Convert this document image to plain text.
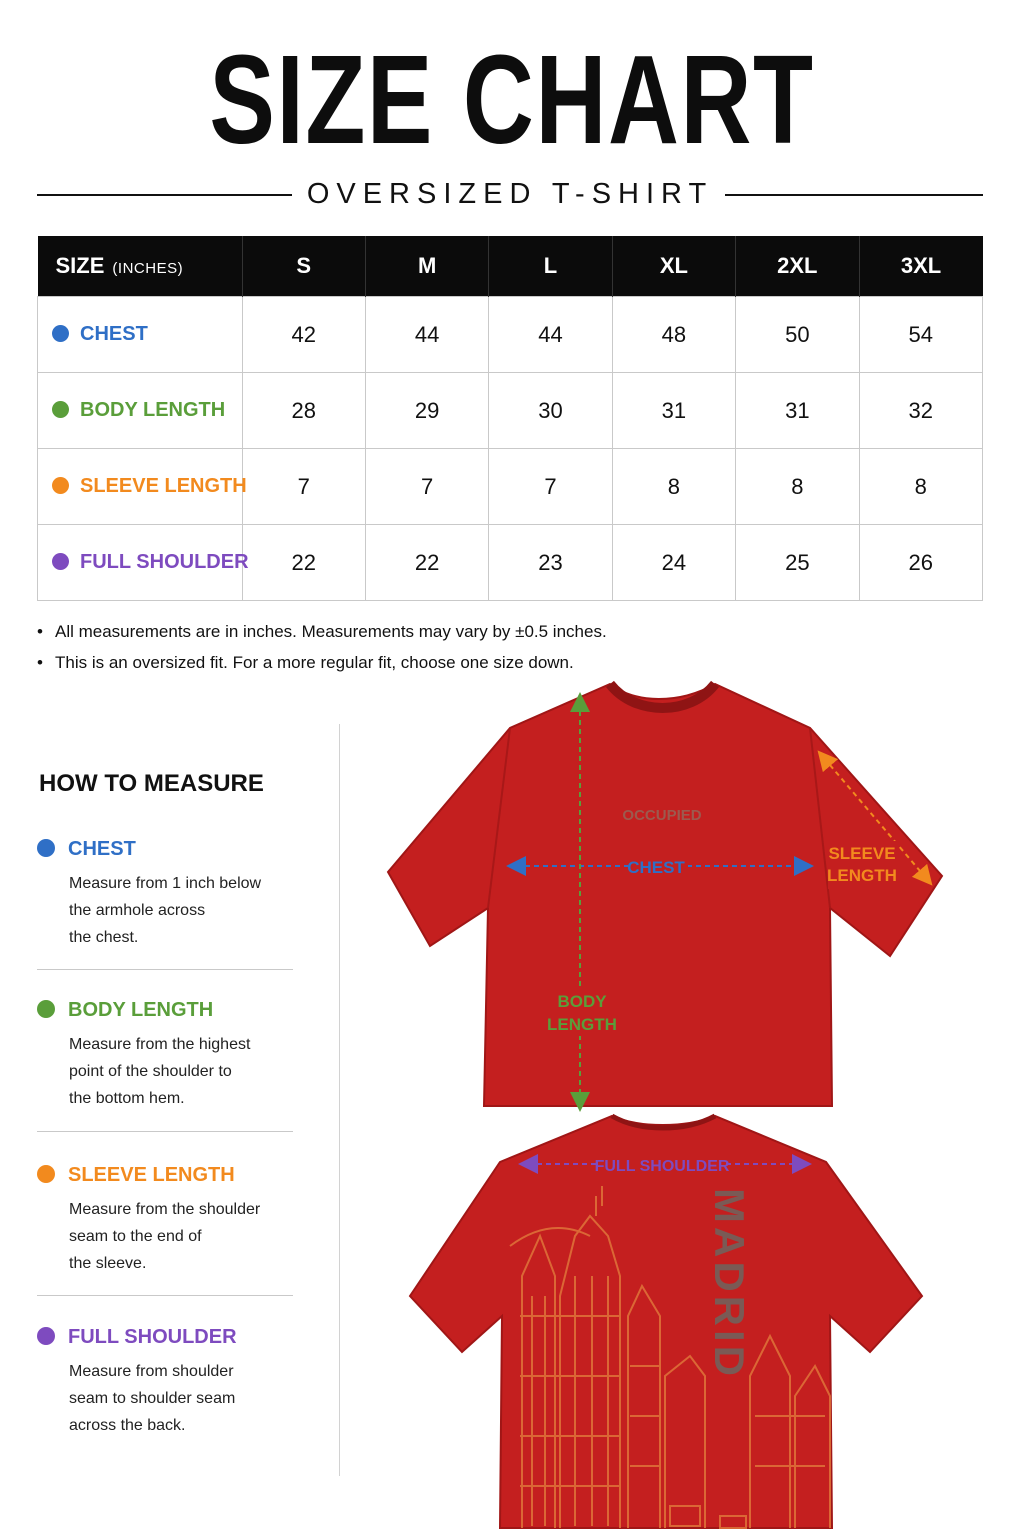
SIZE CHART
OVERSIZED T-SHIRT
SIZE (INCHES)	S	M	L	XL	2XL	3XL
CHEST	42	44	44	48	50	54
BODY LENGTH	28	29	30	31	31	32
SLEEVE LENGTH	7	7	7	8	8	8
FULL SHOULDER	22	22	23	24	25	26
• All measurements are in inches. Measurements may vary by ±0.5 inches.
• This is an oversized fit. For a more regular fit, choose one size down.
HOW TO MEASURE
CHEST
Measure from 1 inch below
the armhole across
the chest.
BODY LENGTH
Measure from the highest
point of the shoulder to
the bottom hem.
SLEEVE LENGTH
Measure from the shoulder
seam to the end of
the sleeve.
FULL SHOULDER
Measure from shoulder
seam to shoulder seam
across the back.
OCCUPIED
CHEST
BODY
LENGTH
SLEEVE
LENGTH
MADRID
FULL SHOULDER
